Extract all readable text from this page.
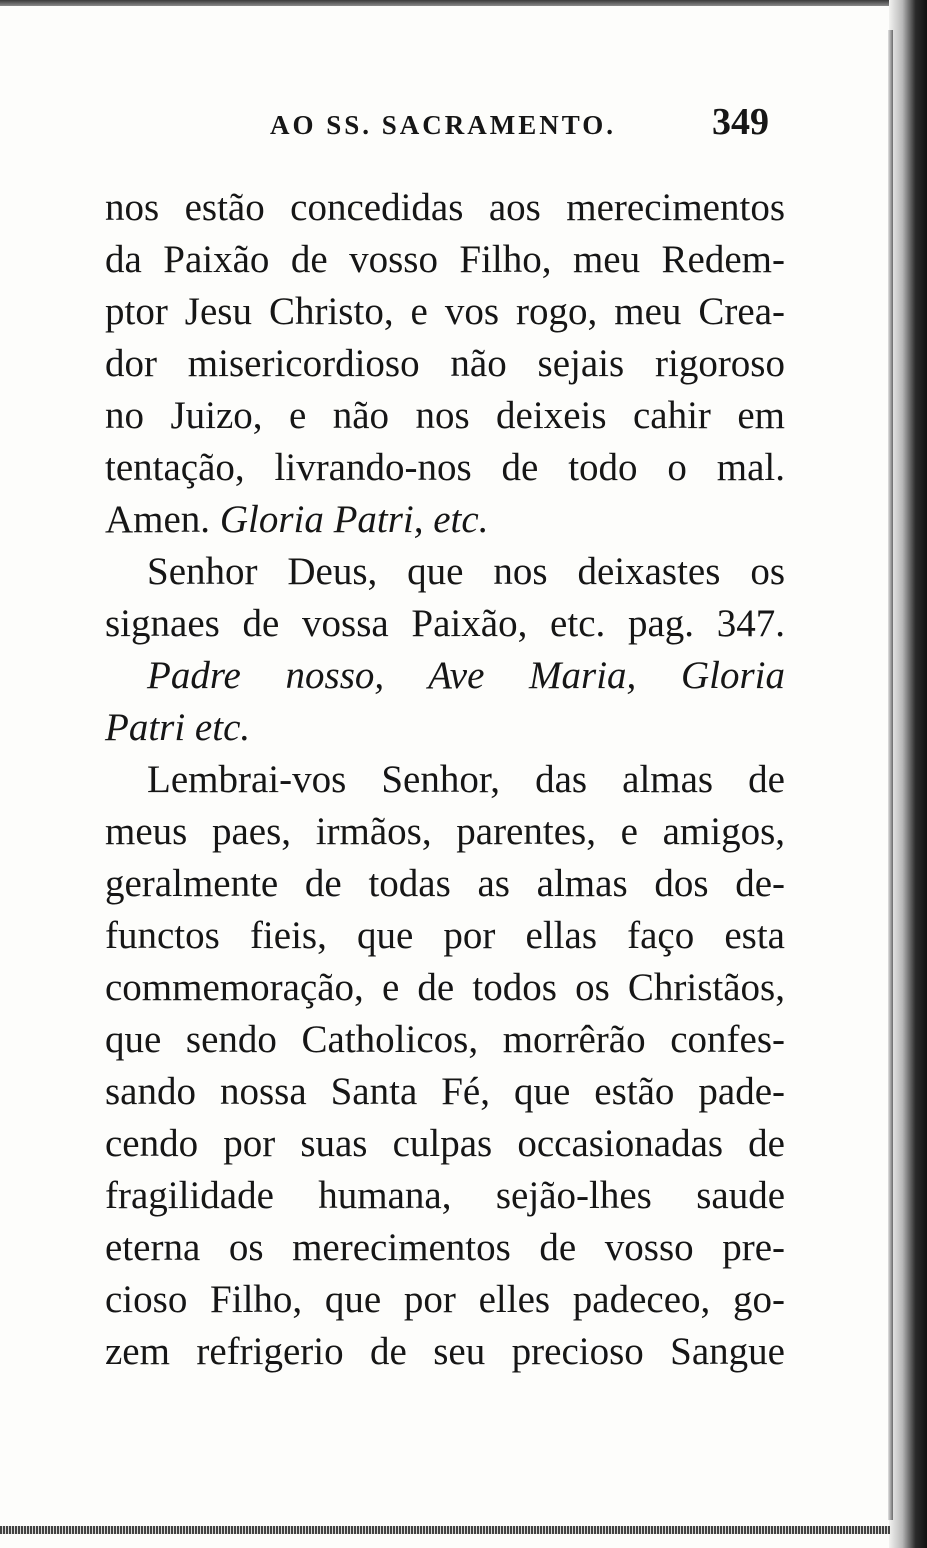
AO SS. SACRAMENTO.	349
nos estão concedidas aos merecimentos
da Paixão de vosso Filho, meu Redem-
ptor Jesu Christo, e vos rogo, meu Crea-
dor misericordioso não sejais rigoroso
no Juizo, e não nos deixeis cahir em
tentação, livrando-nos de todo o mal.
Amen. Gloria Patri, etc.
Senhor Deus, que nos deixastes os
signaes de vossa Paixão, etc. pag. 347.
Padre nosso, Ave Maria, Gloria
Patri etc.
Lembrai-vos Senhor, das almas de
meus paes, irmãos, parentes, e amigos,
geralmente de todas as almas dos de-
functos fieis, que por ellas faço esta
commemoração, e de todos os Christãos,
que sendo Catholicos, morrêrão confes-
sando nossa Santa Fé, que estão pade-
cendo por suas culpas occasionadas de
fragilidade humana, sejão-lhes saude
eterna os merecimentos de vosso pre-
cioso Filho, que por elles padeceo, go-
zem refrigerio de seu precioso Sangue
